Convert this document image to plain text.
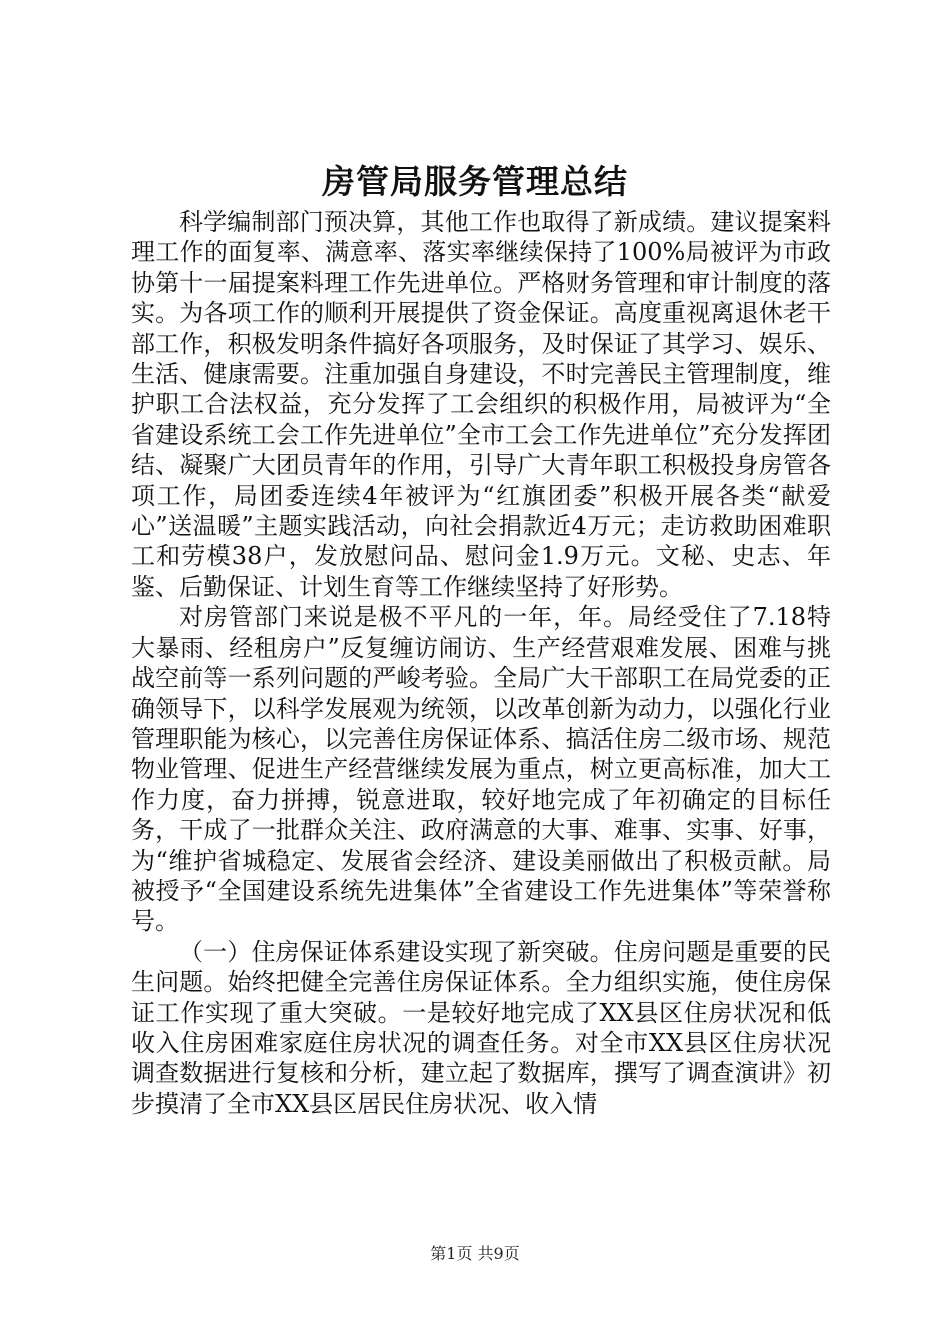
房管局服务管理总结

科学编制部门预决算，其他工作也取得了新成绩。建议提案料理工作的面复率、满意率、落实率继续保持了100%局被评为市政协第十一届提案料理工作先进单位。严格财务管理和审计制度的落实。为各项工作的顺利开展提供了资金保证。高度重视离退休老干部工作，积极发明条件搞好各项服务，及时保证了其学习、娱乐、生活、健康需要。注重加强自身建设，不时完善民主管理制度，维护职工合法权益，充分发挥了工会组织的积极作用，局被评为“全省建设系统工会工作先进单位”全市工会工作先进单位”充分发挥团结、凝聚广大团员青年的作用，引导广大青年职工积极投身房管各项工作，局团委连续4年被评为“红旗团委”积极开展各类“献爱心”送温暖”主题实践活动，向社会捐款近4万元；走访救助困难职工和劳模38户，发放慰问品、慰问金1.9万元。文秘、史志、年鉴、后勤保证、计划生育等工作继续坚持了好形势。

对房管部门来说是极不平凡的一年，年。局经受住了7.18特大暴雨、经租房户”反复缠访闹访、生产经营艰难发展、困难与挑战空前等一系列问题的严峻考验。全局广大干部职工在局党委的正确领导下，以科学发展观为统领，以改革创新为动力，以强化行业管理职能为核心，以完善住房保证体系、搞活住房二级市场、规范物业管理、促进生产经营继续发展为重点，树立更高标准，加大工作力度，奋力拼搏，锐意进取，较好地完成了年初确定的目标任务，干成了一批群众关注、政府满意的大事、难事、实事、好事，为“维护省城稳定、发展省会经济、建设美丽做出了积极贡献。局被授予“全国建设系统先进集体”全省建设工作先进集体”等荣誉称号。

（一）住房保证体系建设实现了新突破。住房问题是重要的民生问题。始终把健全完善住房保证体系。全力组织实施，使住房保证工作实现了重大突破。一是较好地完成了XX县区住房状况和低收入住房困难家庭住房状况的调查任务。对全市XX县区住房状况调查数据进行复核和分析，建立起了数据库，撰写了调查演讲》初步摸清了全市XX县区居民住房状况、收入情

第1页 共9页
